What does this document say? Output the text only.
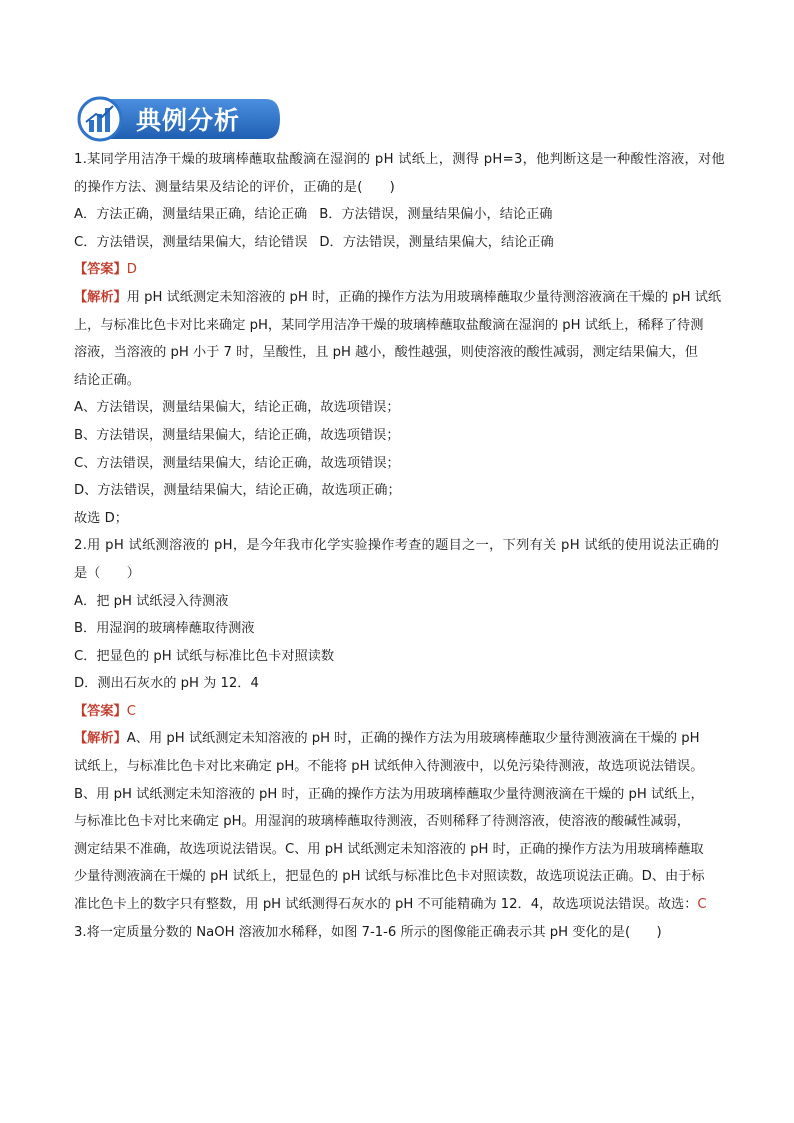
典例分析
1.某同学用洁净干燥的玻璃棒蘸取盐酸滴在湿润的 pH 试纸上，测得 pH=3，他判断这是一种酸性溶液，对他
的操作方法、测量结果及结论的评价，正确的是(　　)
A．方法正确，测量结果正确，结论正确 B．方法错误，测量结果偏小，结论正确
C．方法错误，测量结果偏大，结论错误 D．方法错误，测量结果偏大，结论正确
【答案】D
【解析】用 pH 试纸测定未知溶液的 pH 时，正确的操作方法为用玻璃棒蘸取少量待测溶液滴在干燥的 pH 试纸
上，与标准比色卡对比来确定 pH，某同学用洁净干燥的玻璃棒蘸取盐酸滴在湿润的 pH 试纸上，稀释了待测
溶液，当溶液的 pH 小于 7 时，呈酸性，且 pH 越小，酸性越强，则使溶液的酸性减弱，测定结果偏大，但
结论正确。
A、方法错误，测量结果偏大，结论正确，故选项错误；
B、方法错误，测量结果偏大，结论正确，故选项错误；
C、方法错误，测量结果偏大，结论正确，故选项错误；
D、方法错误，测量结果偏大，结论正确，故选项正确；
故选 D；
2.用 pH 试纸测溶液的 pH，是今年我市化学实验操作考查的题目之一，下列有关 pH 试纸的使用说法正确的
是（　　）
A．把 pH 试纸浸入待测液
B．用湿润的玻璃棒蘸取待测液
C．把显色的 pH 试纸与标准比色卡对照读数
D．测出石灰水的 pH 为 12．4
【答案】C
【解析】A、用 pH 试纸测定未知溶液的 pH 时，正确的操作方法为用玻璃棒蘸取少量待测液滴在干燥的 pH
试纸上，与标准比色卡对比来确定 pH。不能将 pH 试纸伸入待测液中，以免污染待测液，故选项说法错误。
B、用 pH 试纸测定未知溶液的 pH 时，正确的操作方法为用玻璃棒蘸取少量待测液滴在干燥的 pH 试纸上，
与标准比色卡对比来确定 pH。用湿润的玻璃棒蘸取待测液，否则稀释了待测溶液，使溶液的酸碱性减弱，
测定结果不准确，故选项说法错误。C、用 pH 试纸测定未知溶液的 pH 时，正确的操作方法为用玻璃棒蘸取
少量待测液滴在干燥的 pH 试纸上，把显色的 pH 试纸与标准比色卡对照读数，故选项说法正确。D、由于标
准比色卡上的数字只有整数，用 pH 试纸测得石灰水的 pH 不可能精确为 12．4，故选项说法错误。故选：C
3.将一定质量分数的 NaOH 溶液加水稀释，如图 7-1-6 所示的图像能正确表示其 pH 变化的是(　　)
